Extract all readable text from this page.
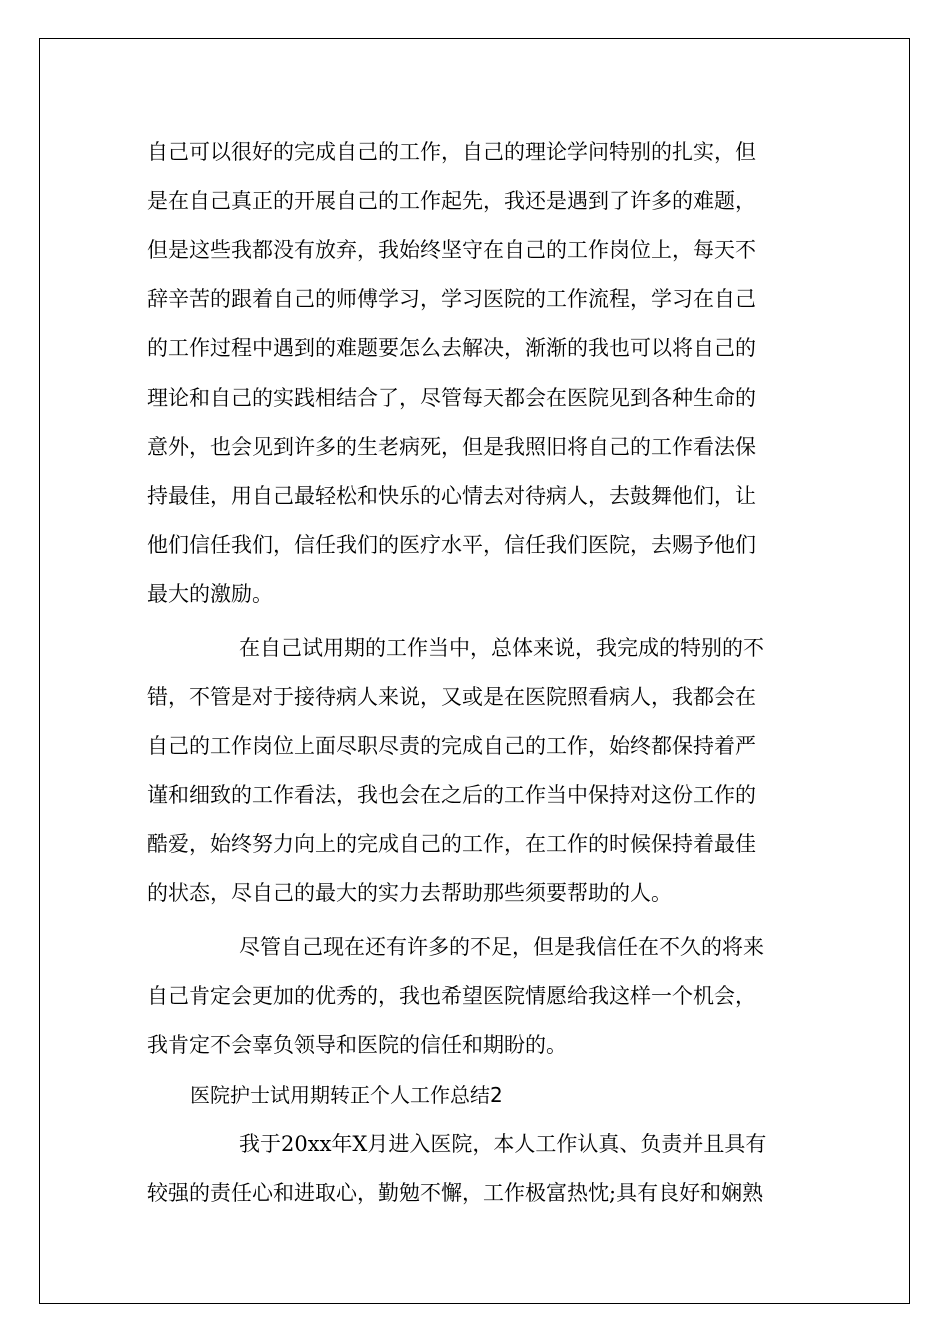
自己可以很好的完成自己的工作，自己的理论学问特别的扎实，但
是在自己真正的开展自己的工作起先，我还是遇到了许多的难题，
但是这些我都没有放弃，我始终坚守在自己的工作岗位上，每天不
辞辛苦的跟着自己的师傅学习，学习医院的工作流程，学习在自己
的工作过程中遇到的难题要怎么去解决，渐渐的我也可以将自己的
理论和自己的实践相结合了，尽管每天都会在医院见到各种生命的
意外，也会见到许多的生老病死，但是我照旧将自己的工作看法保
持最佳，用自己最轻松和快乐的心情去对待病人，去鼓舞他们，让
他们信任我们，信任我们的医疗水平，信任我们医院，去赐予他们
最大的激励。
在自己试用期的工作当中，总体来说，我完成的特别的不
错，不管是对于接待病人来说，又或是在医院照看病人，我都会在
自己的工作岗位上面尽职尽责的完成自己的工作，始终都保持着严
谨和细致的工作看法，我也会在之后的工作当中保持对这份工作的
酷爱，始终努力向上的完成自己的工作，在工作的时候保持着最佳
的状态，尽自己的最大的实力去帮助那些须要帮助的人。
尽管自己现在还有许多的不足，但是我信任在不久的将来
自己肯定会更加的优秀的，我也希望医院情愿给我这样一个机会，
我肯定不会辜负领导和医院的信任和期盼的。
医院护士试用期转正个人工作总结2
我于20xx年X月进入医院，本人工作认真、负责并且具有
较强的责任心和进取心，勤勉不懈，工作极富热忱;具有良好和娴熟
